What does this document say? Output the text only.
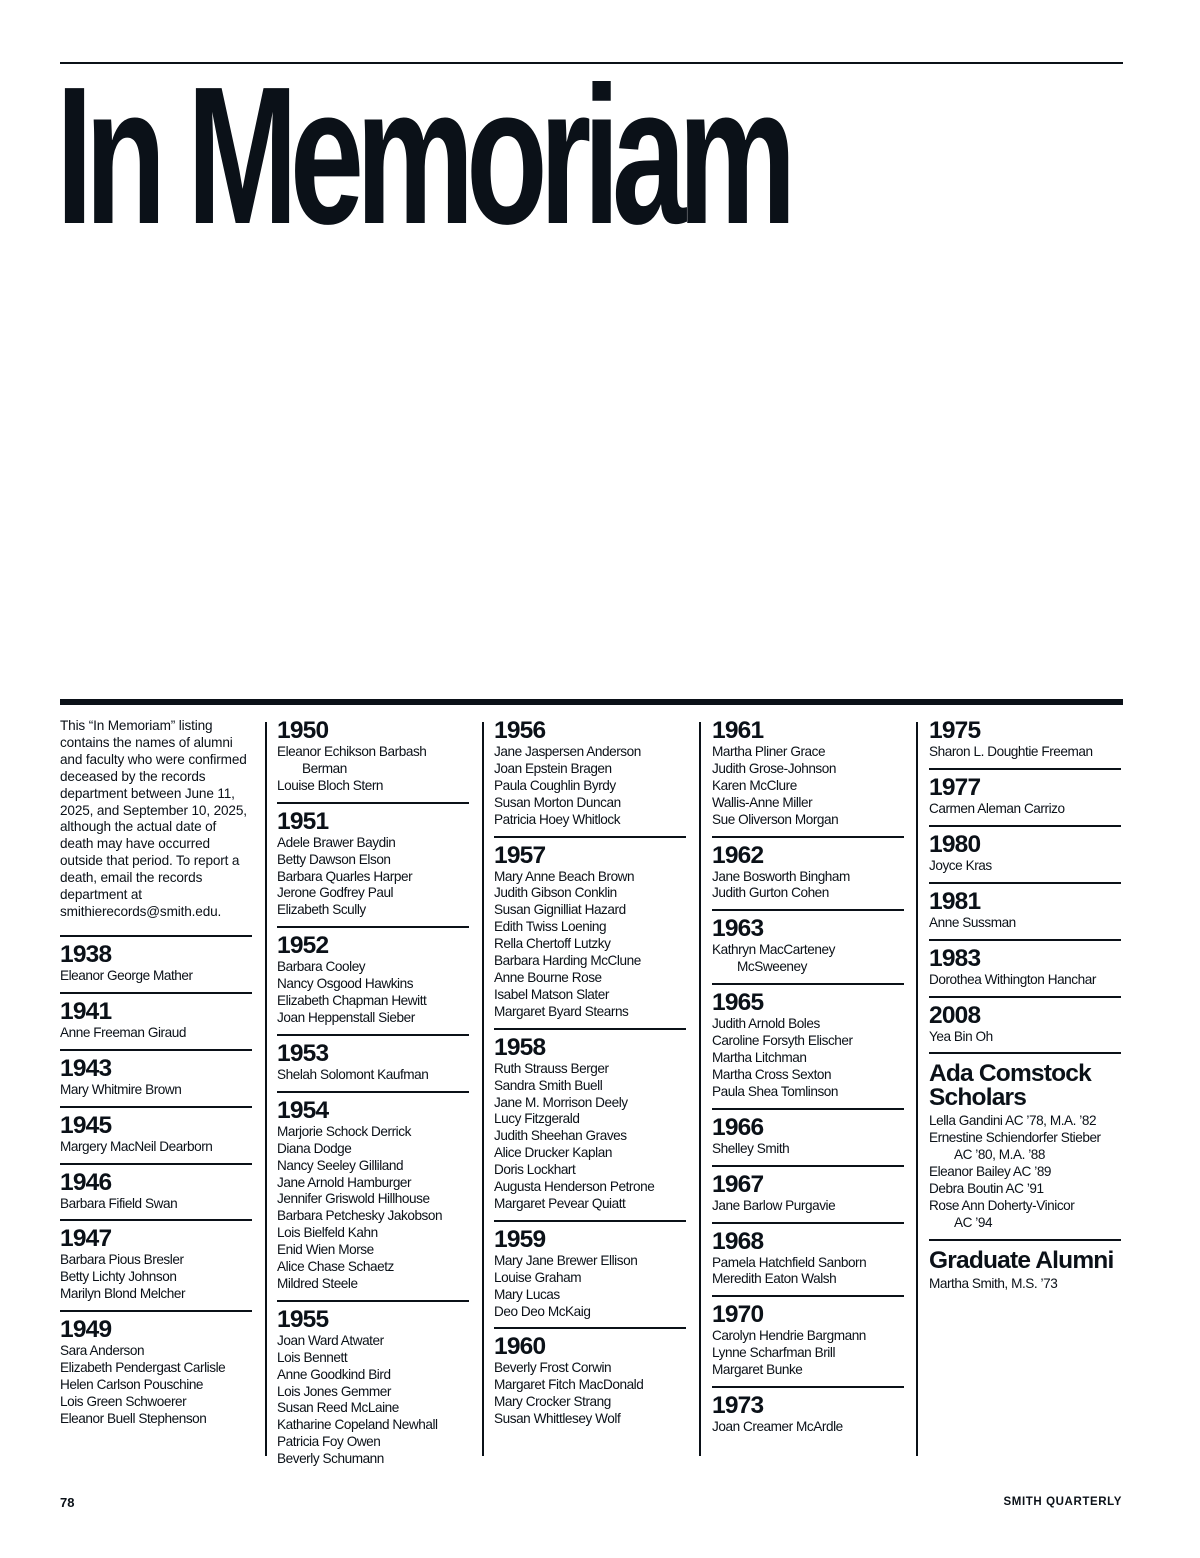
In Memoriam

This “In Memoriam” listing contains the names of alumni and faculty who were confirmed deceased by the records department between June 11, 2025, and September 10, 2025, although the actual date of death may have occurred outside that period. To report a death, email the records department at smithierecords@smith.edu.

1938
Eleanor George Mather
1941
Anne Freeman Giraud
1943
Mary Whitmire Brown
1945
Margery MacNeil Dearborn
1946
Barbara Fifield Swan
1947
Barbara Pious Bresler
Betty Lichty Johnson
Marilyn Blond Melcher
1949
Sara Anderson
Elizabeth Pendergast Carlisle
Helen Carlson Pouschine
Lois Green Schwoerer
Eleanor Buell Stephenson
1950
Eleanor Echikson Barbash
Berman
Louise Bloch Stern
1951
Adele Brawer Baydin
Betty Dawson Elson
Barbara Quarles Harper
Jerone Godfrey Paul
Elizabeth Scully
1952
Barbara Cooley
Nancy Osgood Hawkins
Elizabeth Chapman Hewitt
Joan Heppenstall Sieber
1953
Shelah Solomont Kaufman
1954
Marjorie Schock Derrick
Diana Dodge
Nancy Seeley Gilliland
Jane Arnold Hamburger
Jennifer Griswold Hillhouse
Barbara Petchesky Jakobson
Lois Bielfeld Kahn
Enid Wien Morse
Alice Chase Schaetz
Mildred Steele
1955
Joan Ward Atwater
Lois Bennett
Anne Goodkind Bird
Lois Jones Gemmer
Susan Reed McLaine
Katharine Copeland Newhall
Patricia Foy Owen
Beverly Schumann
1956
Jane Jaspersen Anderson
Joan Epstein Bragen
Paula Coughlin Byrdy
Susan Morton Duncan
Patricia Hoey Whitlock
1957
Mary Anne Beach Brown
Judith Gibson Conklin
Susan Gignilliat Hazard
Edith Twiss Loening
Rella Chertoff Lutzky
Barbara Harding McClune
Anne Bourne Rose
Isabel Matson Slater
Margaret Byard Stearns
1958
Ruth Strauss Berger
Sandra Smith Buell
Jane M. Morrison Deely
Lucy Fitzgerald
Judith Sheehan Graves
Alice Drucker Kaplan
Doris Lockhart
Augusta Henderson Petrone
Margaret Pevear Quiatt
1959
Mary Jane Brewer Ellison
Louise Graham
Mary Lucas
Deo Deo McKaig
1960
Beverly Frost Corwin
Margaret Fitch MacDonald
Mary Crocker Strang
Susan Whittlesey Wolf
1961
Martha Pliner Grace
Judith Grose-Johnson
Karen McClure
Wallis-Anne Miller
Sue Oliverson Morgan
1962
Jane Bosworth Bingham
Judith Gurton Cohen
1963
Kathryn MacCarteney
McSweeney
1965
Judith Arnold Boles
Caroline Forsyth Elischer
Martha Litchman
Martha Cross Sexton
Paula Shea Tomlinson
1966
Shelley Smith
1967
Jane Barlow Purgavie
1968
Pamela Hatchfield Sanborn
Meredith Eaton Walsh
1970
Carolyn Hendrie Bargmann
Lynne Scharfman Brill
Margaret Bunke
1973
Joan Creamer McArdle
1975
Sharon L. Doughtie Freeman
1977
Carmen Aleman Carrizo
1980
Joyce Kras
1981
Anne Sussman
1983
Dorothea Withington Hanchar
2008
Yea Bin Oh
Ada Comstock Scholars
Lella Gandini AC ’78, M.A. ’82
Ernestine Schiendorfer Stieber
AC ’80, M.A. ’88
Eleanor Bailey AC ’89
Debra Boutin AC ’91
Rose Ann Doherty-Vinicor
AC ’94
Graduate Alumni
Martha Smith, M.S. ’73
78	SMITH QUARTERLY
